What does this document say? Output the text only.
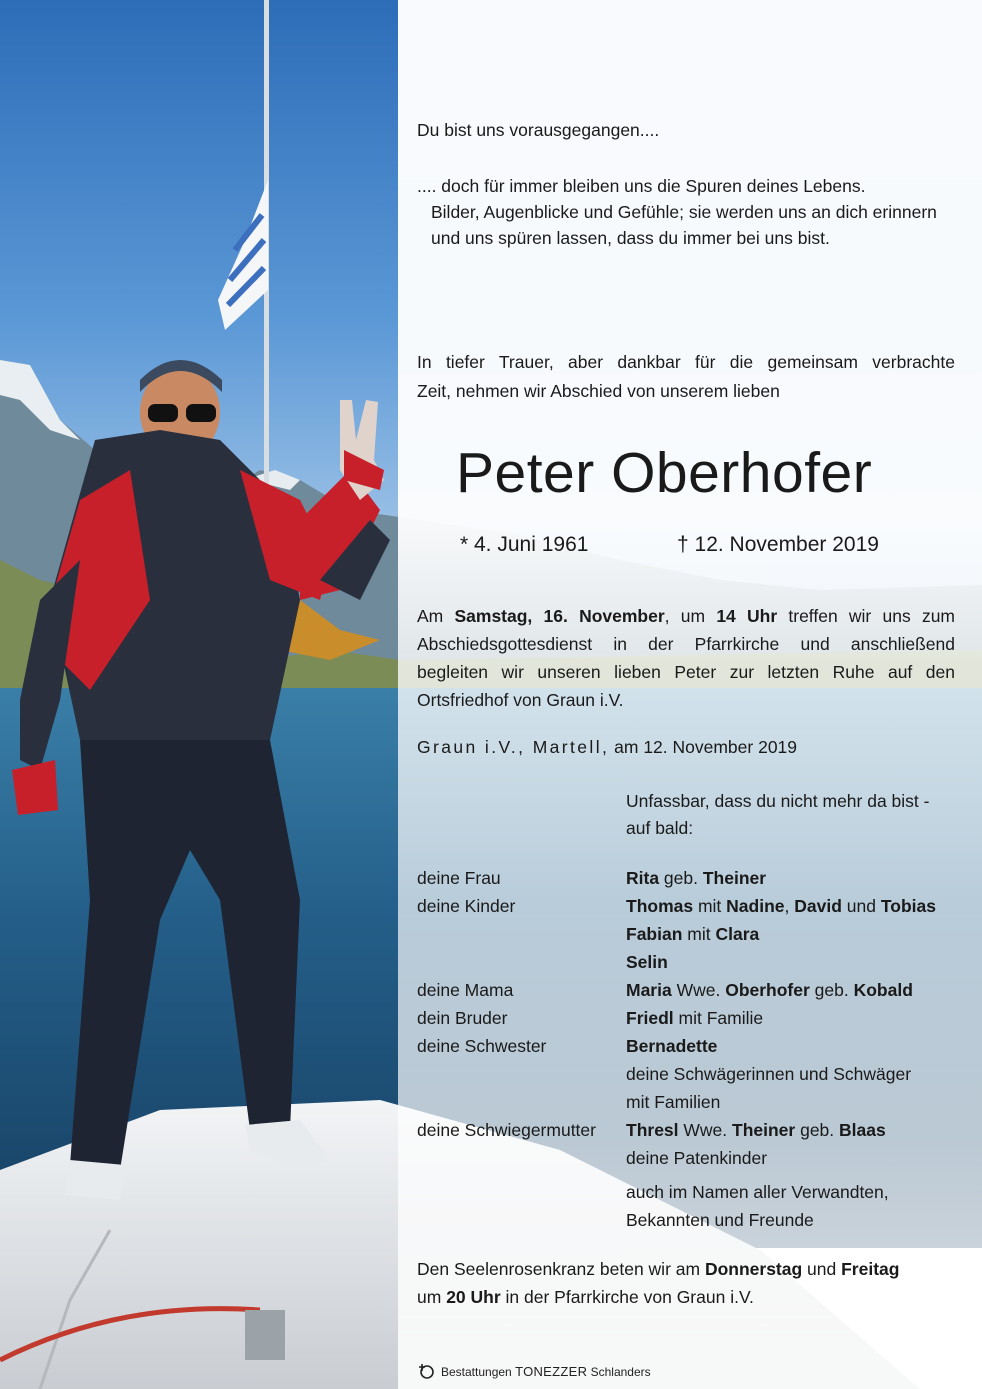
Du bist uns vorausgegangen....
.... doch für immer bleiben uns die Spuren deines Lebens.
Bilder, Augenblicke und Gefühle; sie werden uns an dich erinnern
und uns spüren lassen, dass du immer bei uns bist.
In tiefer Trauer, aber dankbar für die gemeinsam verbrachte
Zeit, nehmen wir Abschied von unserem lieben
Peter Oberhofer
* 4. Juni 1961	† 12. November 2019
Am Samstag, 16. November, um 14 Uhr treffen wir uns zum
Abschiedsgottesdienst in der Pfarrkirche und anschließend
begleiten wir unseren lieben Peter zur letzten Ruhe auf den
Ortsfriedhof von Graun i.V.
Graun i.V., Martell, am 12. November 2019
Unfassbar, dass du nicht mehr da bist -
auf bald:
deine Frau	Rita geb. Theiner
deine Kinder	Thomas mit Nadine, David und Tobias
Fabian mit Clara
Selin
deine Mama	Maria Wwe. Oberhofer geb. Kobald
dein Bruder	Friedl mit Familie
deine Schwester	Bernadette
deine Schwägerinnen und Schwäger
mit Familien
deine Schwiegermutter Thresl Wwe. Theiner geb. Blaas
deine Patenkinder
auch im Namen aller Verwandten,
Bekannten und Freunde
Den Seelenrosenkranz beten wir am Donnerstag und Freitag
um 20 Uhr in der Pfarrkirche von Graun i.V.
Bestattungen TONEZZER Schlanders
